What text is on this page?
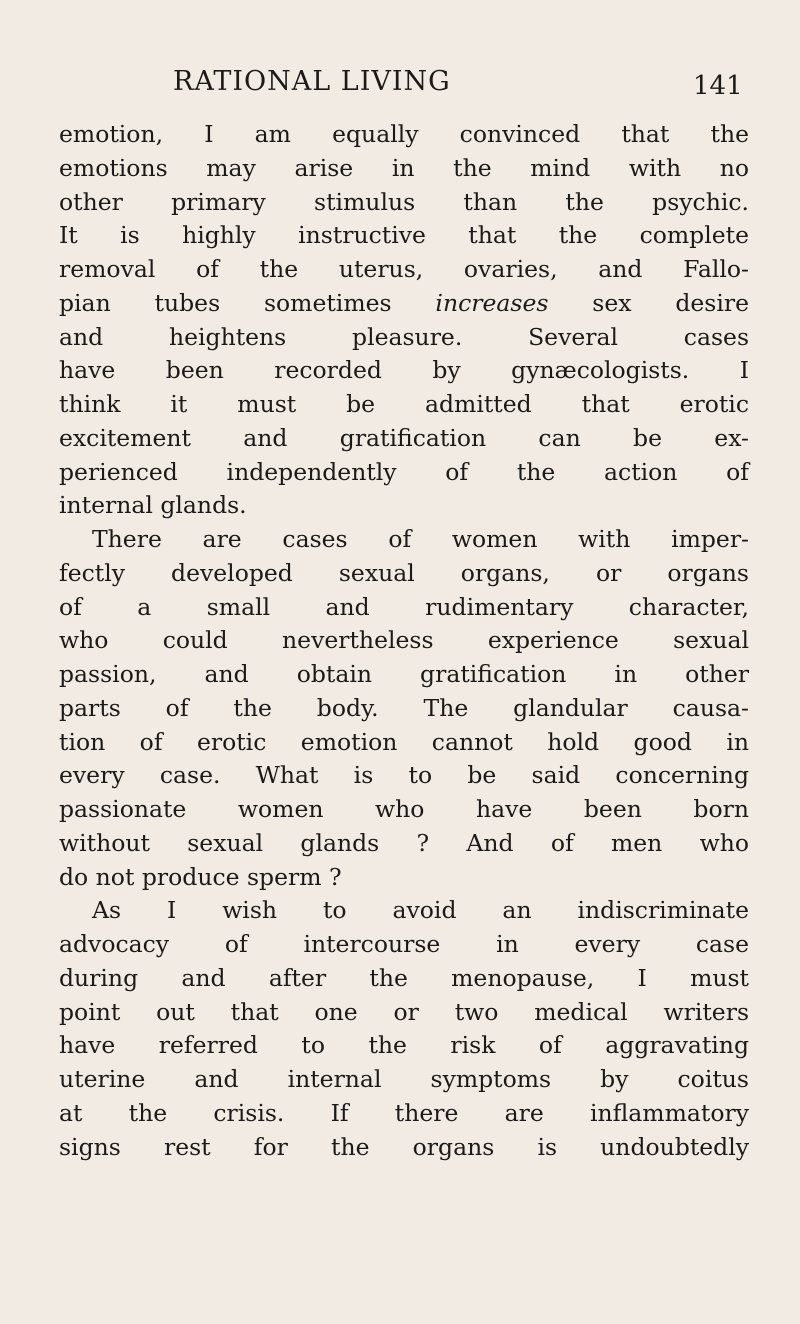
RATIONAL LIVING	141
emotion, I am equally convinced that the
emotions may arise in the mind with no
other primary stimulus than the psychic.
It is highly instructive that the complete
removal of the uterus, ovaries, and Fallo-
pian tubes sometimes increases sex desire
and heightens pleasure. Several cases
have been recorded by gynæcologists. I
think it must be admitted that erotic
excitement and gratification can be ex-
perienced independently of the action of
internal glands.
There are cases of women with imper-
fectly developed sexual organs, or organs
of a small and rudimentary character,
who could nevertheless experience sexual
passion, and obtain gratification in other
parts of the body. The glandular causa-
tion of erotic emotion cannot hold good in
every case. What is to be said concerning
passionate women who have been born
without sexual glands ? And of men who
do not produce sperm ?
As I wish to avoid an indiscriminate
advocacy of intercourse in every case
during and after the menopause, I must
point out that one or two medical writers
have referred to the risk of aggravating
uterine and internal symptoms by coitus
at the crisis. If there are inflammatory
signs rest for the organs is undoubtedly
